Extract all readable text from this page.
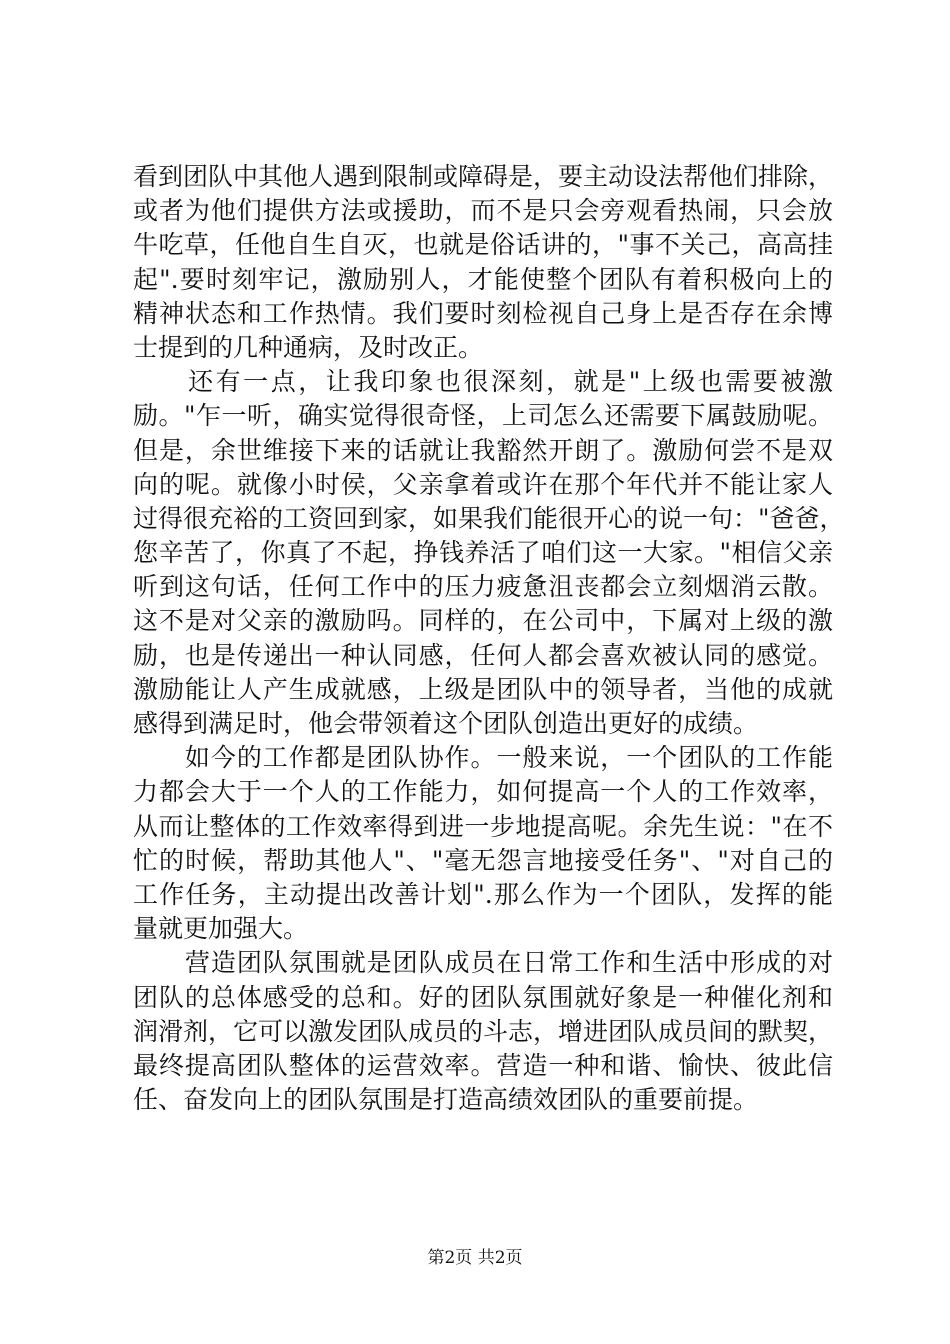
看到团队中其他人遇到限制或障碍是，要主动设法帮他们排除，
或者为他们提供方法或援助，而不是只会旁观看热闹，只会放
牛吃草，任他自生自灭，也就是俗话讲的，"事不关己，高高挂
起".要时刻牢记，激励别人，才能使整个团队有着积极向上的
精神状态和工作热情。我们要时刻检视自己身上是否存在余博
士提到的几种通病，及时改正。
　　还有一点，让我印象也很深刻，就是"上级也需要被激
励。"乍一听，确实觉得很奇怪，上司怎么还需要下属鼓励呢。
但是，余世维接下来的话就让我豁然开朗了。激励何尝不是双
向的呢。就像小时侯，父亲拿着或许在那个年代并不能让家人
过得很充裕的工资回到家，如果我们能很开心的说一句："爸爸，
您辛苦了，你真了不起，挣钱养活了咱们这一大家。"相信父亲
听到这句话，任何工作中的压力疲惫沮丧都会立刻烟消云散。
这不是对父亲的激励吗。同样的，在公司中，下属对上级的激
励，也是传递出一种认同感，任何人都会喜欢被认同的感觉。
激励能让人产生成就感，上级是团队中的领导者，当他的成就
感得到满足时，他会带领着这个团队创造出更好的成绩。
　　如今的工作都是团队协作。一般来说，一个团队的工作能
力都会大于一个人的工作能力，如何提高一个人的工作效率，
从而让整体的工作效率得到进一步地提高呢。余先生说："在不
忙的时候，帮助其他人"、"毫无怨言地接受任务"、"对自己的
工作任务，主动提出改善计划".那么作为一个团队，发挥的能
量就更加强大。
　　营造团队氛围就是团队成员在日常工作和生活中形成的对
团队的总体感受的总和。好的团队氛围就好象是一种催化剂和
润滑剂，它可以激发团队成员的斗志，增进团队成员间的默契，
最终提高团队整体的运营效率。营造一种和谐、愉快、彼此信
任、奋发向上的团队氛围是打造高绩效团队的重要前提。
第2页 共2页
